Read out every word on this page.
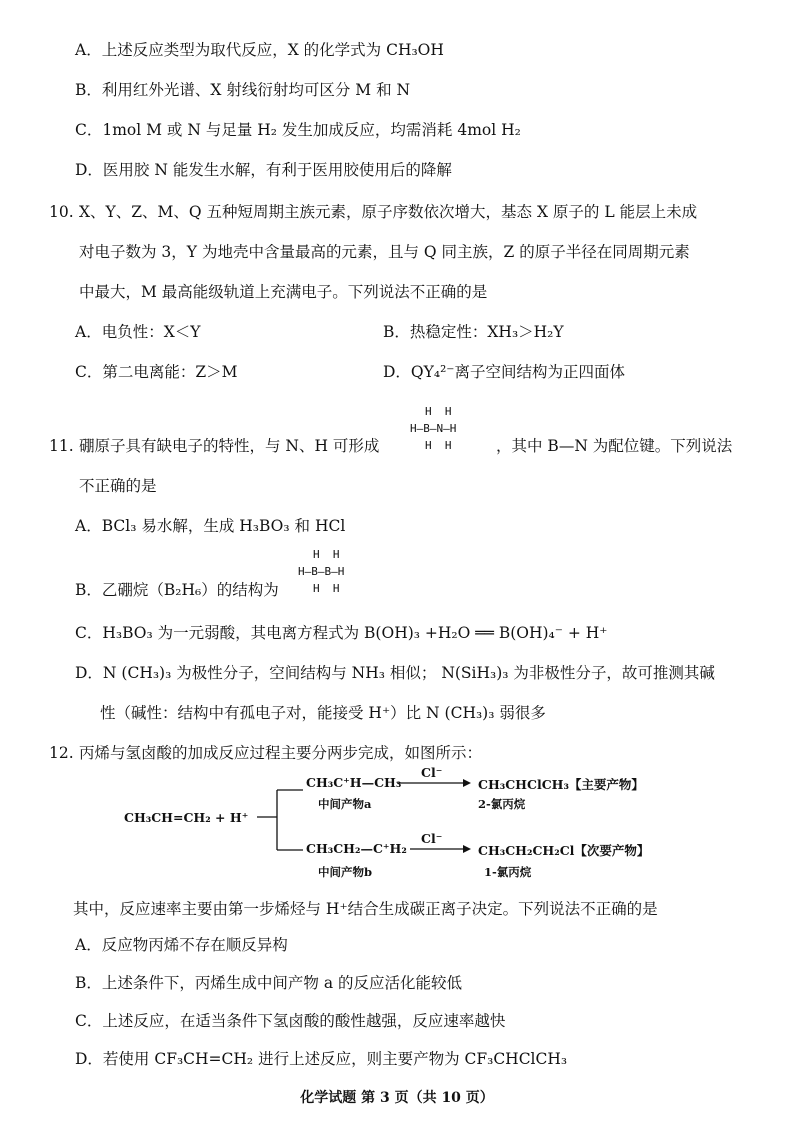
A．上述反应类型为取代反应，X 的化学式为 CH₃OH
B．利用红外光谱、X 射线衍射均可区分 M 和 N
C．1mol M 或 N 与足量 H₂ 发生加成反应，均需消耗 4mol H₂
D．医用胶 N 能发生水解，有利于医用胶使用后的降解
10. X、Y、Z、M、Q 五种短周期主族元素，原子序数依次增大，基态 X 原子的 L 能层上未成
对电子数为 3，Y 为地壳中含量最高的元素，且与 Q 同主族，Z 的原子半径在同周期元素
中最大，M 最高能级轨道上充满电子。下列说法不正确的是
A．电负性：X＜Y	B．热稳定性：XH₃＞H₂Y
C．第二电离能：Z＞M	D．QY₄²⁻离子空间结构为正四面体
11. 硼原子具有缺电子的特性，与 N、H 可形成
H  H
H—B—N—H
H  H	，其中 B—N 为配位键。下列说法
不正确的是
A．BCl₃ 易水解，生成 H₃BO₃ 和 HCl
B．乙硼烷（B₂H₆）的结构为
H  H
H—B—B—H
H  H
C．H₃BO₃ 为一元弱酸，其电离方程式为 B(OH)₃ +H₂O ══ B(OH)₄⁻ + H⁺
D．N (CH₃)₃ 为极性分子，空间结构与 NH₃ 相似； N(SiH₃)₃ 为非极性分子，故可推测其碱
性（碱性：结构中有孤电子对，能接受 H⁺）比 N (CH₃)₃ 弱很多
12. 丙烯与氢卤酸的加成反应过程主要分两步完成，如图所示：
CH₃CH=CH₂ + H⁺
CH₃C⁺H—CH₃
中间产物a
Cl⁻
CH₃CHClCH₃【主要产物】
2-氯丙烷
CH₃CH₂—C⁺H₂
中间产物b
Cl⁻
CH₃CH₂CH₂Cl【次要产物】
1-氯丙烷
其中，反应速率主要由第一步烯烃与 H⁺结合生成碳正离子决定。下列说法不正确的是
A．反应物丙烯不存在顺反异构
B．上述条件下，丙烯生成中间产物 a 的反应活化能较低
C．上述反应，在适当条件下氢卤酸的酸性越强，反应速率越快
D．若使用 CF₃CH=CH₂ 进行上述反应，则主要产物为 CF₃CHClCH₃
化学试题 第 3 页（共 10 页）
